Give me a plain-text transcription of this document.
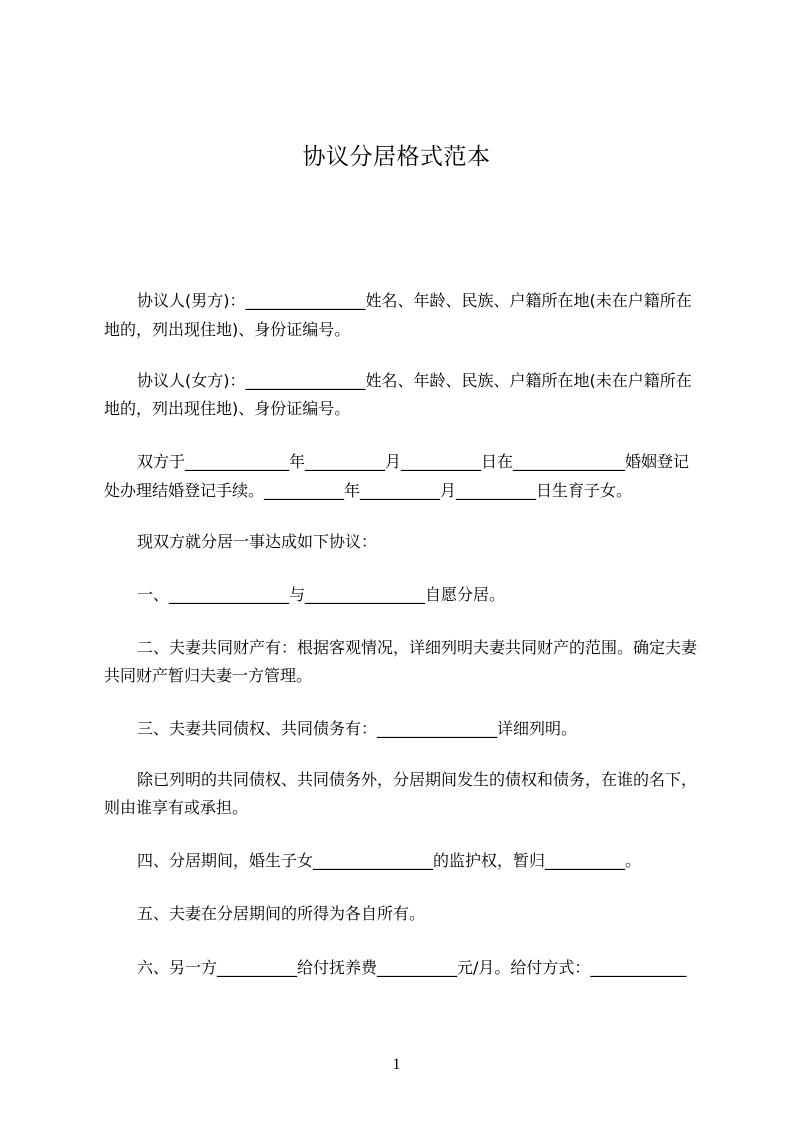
协议分居格式范本
协议人(男方)：_______________姓名、年龄、民族、户籍所在地(未在户籍所在
地的，列出现住地)、身份证编号。
协议人(女方)：_______________姓名、年龄、民族、户籍所在地(未在户籍所在
地的，列出现住地)、身份证编号。
双方于_____________年__________月__________日在______________婚姻登记
处办理结婚登记手续。__________年__________月__________日生育子女。
现双方就分居一事达成如下协议：
一、_______________与_______________自愿分居。
二、夫妻共同财产有：根据客观情况，详细列明夫妻共同财产的范围。确定夫妻
共同财产暂归夫妻一方管理。
三、夫妻共同债权、共同债务有：_______________详细列明。
除已列明的共同债权、共同债务外，分居期间发生的债权和债务，在谁的名下，
则由谁享有或承担。
四、分居期间，婚生子女_______________的监护权，暂归__________。
五、夫妻在分居期间的所得为各自所有。
六、另一方__________给付抚养费__________元/月。给付方式：____________
1
